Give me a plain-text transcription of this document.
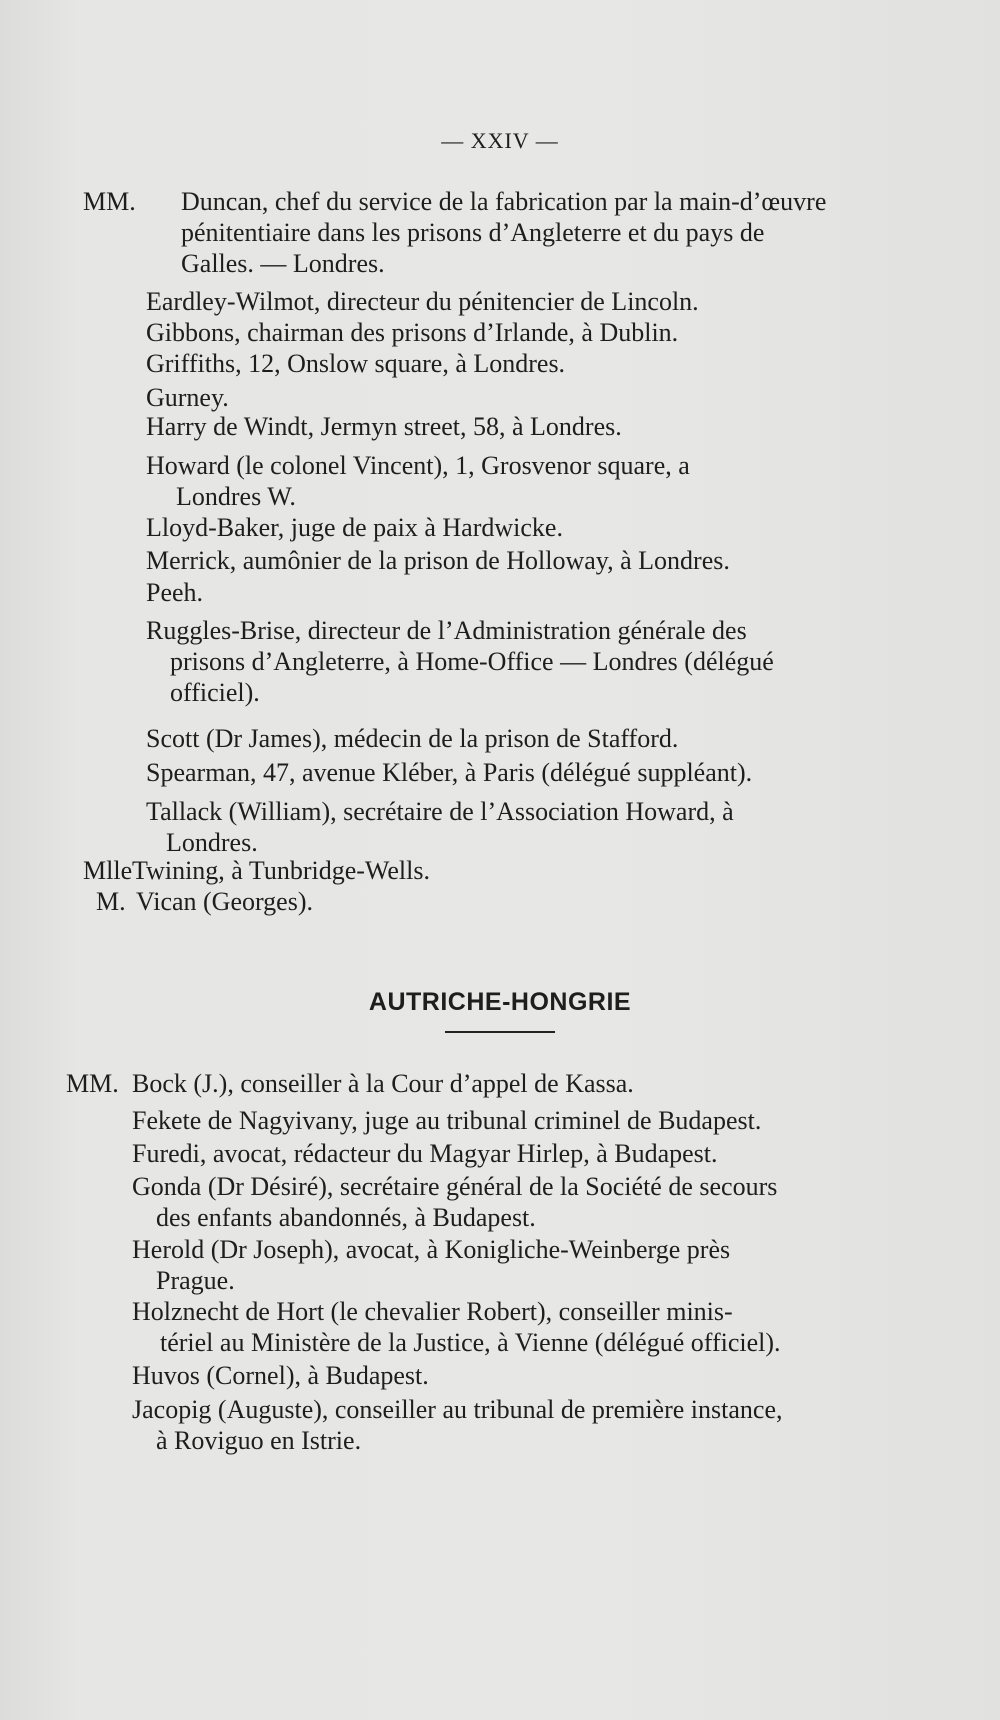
— XXIV —
MM. Duncan, chef du service de la fabrication par la main-d’œuvre
pénitentiaire dans les prisons d’Angleterre et du pays de
Galles. — Londres.
Eardley-Wilmot, directeur du pénitencier de Lincoln.
Gibbons, chairman des prisons d’Irlande, à Dublin.
Griffiths, 12, Onslow square, à Londres.
Gurney.
Harry de Windt, Jermyn street, 58, à Londres.
Howard (le colonel Vincent), 1, Grosvenor square, a
Londres W.
Lloyd-Baker, juge de paix à Hardwicke.
Merrick, aumônier de la prison de Holloway, à Londres.
Peeh.
Ruggles-Brise, directeur de l’Administration générale des
prisons d’Angleterre, à Home-Office — Londres (délégué
officiel).
Scott (Dr James), médecin de la prison de Stafford.
Spearman, 47, avenue Kléber, à Paris (délégué suppléant).
Tallack (William), secrétaire de l’Association Howard, à
Londres.
Mlle Twining, à Tunbridge-Wells.
M. Vican (Georges).
MM. Bock (J.), conseiller à la Cour d’appel de Kassa.
Fekete de Nagyivany, juge au tribunal criminel de Budapest.
Furedi, avocat, rédacteur du Magyar Hirlep, à Budapest.
Gonda (Dr Désiré), secrétaire général de la Société de secours
des enfants abandonnés, à Budapest.
Herold (Dr Joseph), avocat, à Konigliche-Weinberge près
Prague.
Holznecht de Hort (le chevalier Robert), conseiller minis-
tériel au Ministère de la Justice, à Vienne (délégué officiel).
Huvos (Cornel), à Budapest.
Jacopig (Auguste), conseiller au tribunal de première instance,
à Roviguo en Istrie.
AUTRICHE-HONGRIE
